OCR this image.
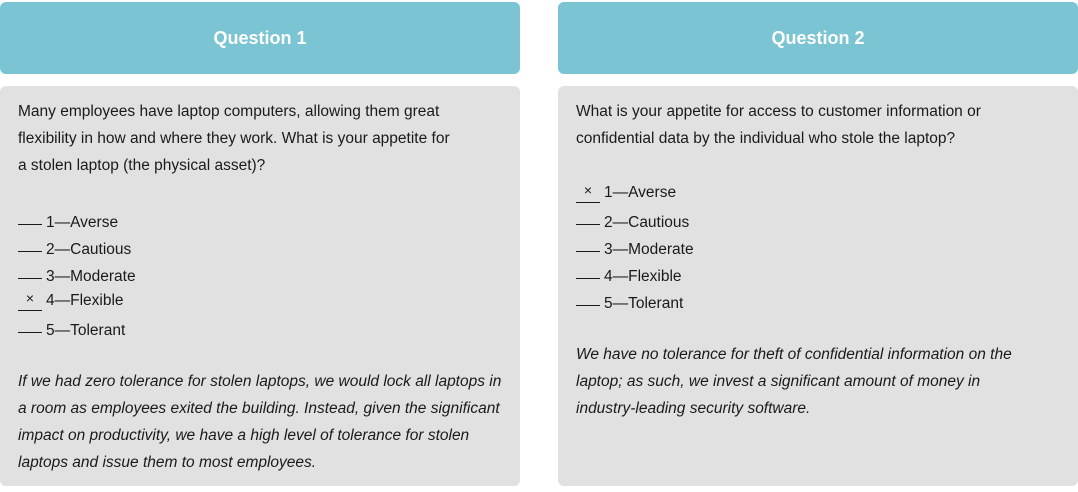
Question 1

Many employees have laptop computers, allowing them great
flexibility in how and where they work. What is your appetite for
a stolen laptop (the physical asset)?

1—Averse
2—Cautious
3—Moderate
× 4—Flexible
5—Tolerant

If we had zero tolerance for stolen laptops, we would lock all laptops in
a room as employees exited the building. Instead, given the significant
impact on productivity, we have a high level of tolerance for stolen
laptops and issue them to most employees.

Question 2

What is your appetite for access to customer information or
confidential data by the individual who stole the laptop?

× 1—Averse
2—Cautious
3—Moderate
4—Flexible
5—Tolerant

We have no tolerance for theft of confidential information on the
laptop; as such, we invest a significant amount of money in
industry-leading security software.
